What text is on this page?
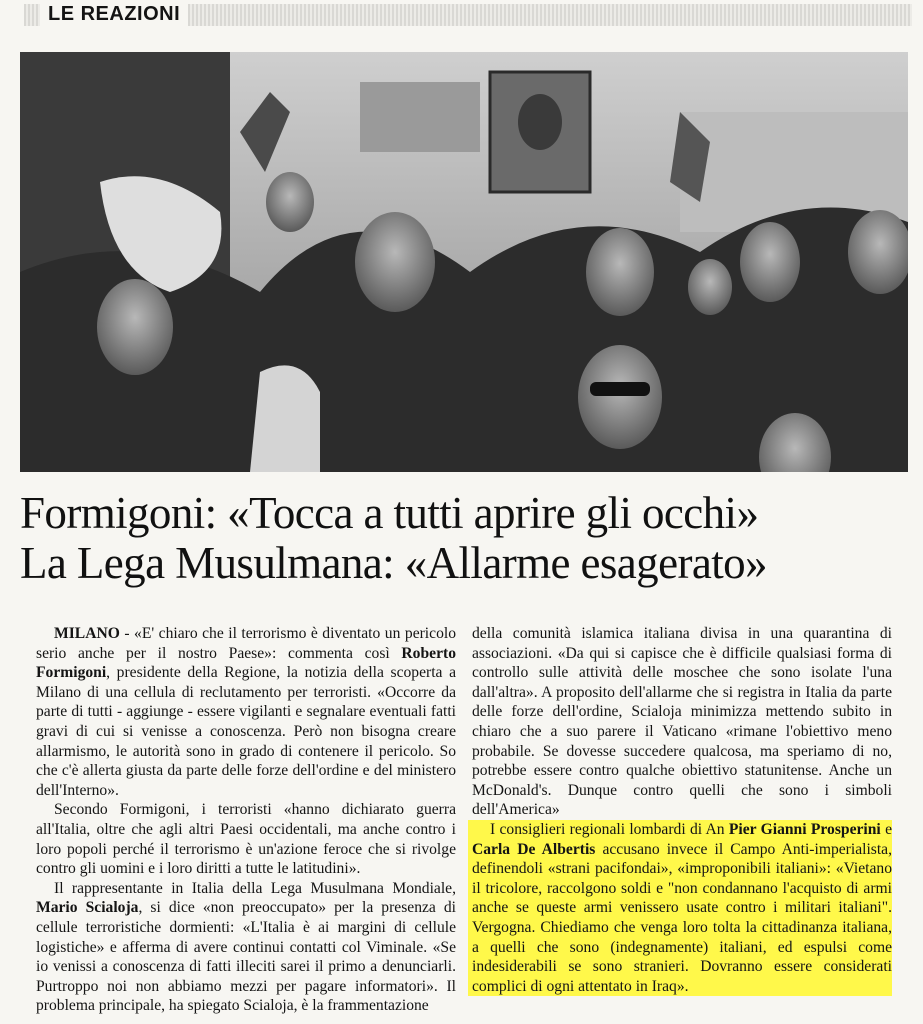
LE REAZIONI
Formigoni: «Tocca a tutti aprire gli occhi»
La Lega Musulmana: «Allarme esagerato»

MILANO - «E' chiaro che il terrorismo è diventato un pericolo serio anche per il nostro Paese»: commenta così Roberto Formigoni, presidente della Regione, la notizia della scoperta a Milano di una cellula di reclutamento per terroristi. «Occorre da parte di tutti - aggiunge - essere vigilanti e segnalare eventuali fatti gravi di cui si venisse a conoscenza. Però non bisogna creare allarmismo, le autorità sono in grado di contenere il pericolo. So che c'è allerta giusta da parte delle forze dell'ordine e del ministero dell'Interno».

Secondo Formigoni, i terroristi «hanno dichiarato guerra all'Italia, oltre che agli altri Paesi occidentali, ma anche contro i loro popoli perché il terrorismo è un'azione feroce che si rivolge contro gli uomini e i loro diritti a tutte le latitudini».

Il rappresentante in Italia della Lega Musulmana Mondiale, Mario Scialoja, si dice «non preoccupato» per la presenza di cellule terroristiche dormienti: «L'Italia è ai margini di cellule logistiche» e afferma di avere continui contatti col Viminale. «Se io venissi a conoscenza di fatti illeciti sarei il primo a denunciarli. Purtroppo noi non abbiamo mezzi per pagare informatori». Il problema principale, ha spiegato Scialoja, è la frammentazione

della comunità islamica italiana divisa in una quarantina di associazioni. «Da qui si capisce che è difficile qualsiasi forma di controllo sulle attività delle moschee che sono isolate l'una dall'altra». A proposito dell'allarme che si registra in Italia da parte delle forze dell'ordine, Scialoja minimizza mettendo subito in chiaro che a suo parere il Vaticano «rimane l'obiettivo meno probabile. Se dovesse succedere qualcosa, ma speriamo di no, potrebbe essere contro qualche obiettivo statunitense. Anche un McDonald's. Dunque contro quelli che sono i simboli dell'America»

I consiglieri regionali lombardi di An Pier Gianni Prosperini e Carla De Albertis accusano invece il Campo Anti-imperialista, definendoli «strani pacifondai», «improponibili italiani»: «Vietano il tricolore, raccolgono soldi e "non condannano l'acquisto di armi anche se queste armi venissero usate contro i militari italiani". Vergogna. Chiediamo che venga loro tolta la cittadinanza italiana, a quelli che sono (indegnamente) italiani, ed espulsi come indesiderabili se sono stranieri. Dovranno essere considerati complici di ogni attentato in Iraq».
